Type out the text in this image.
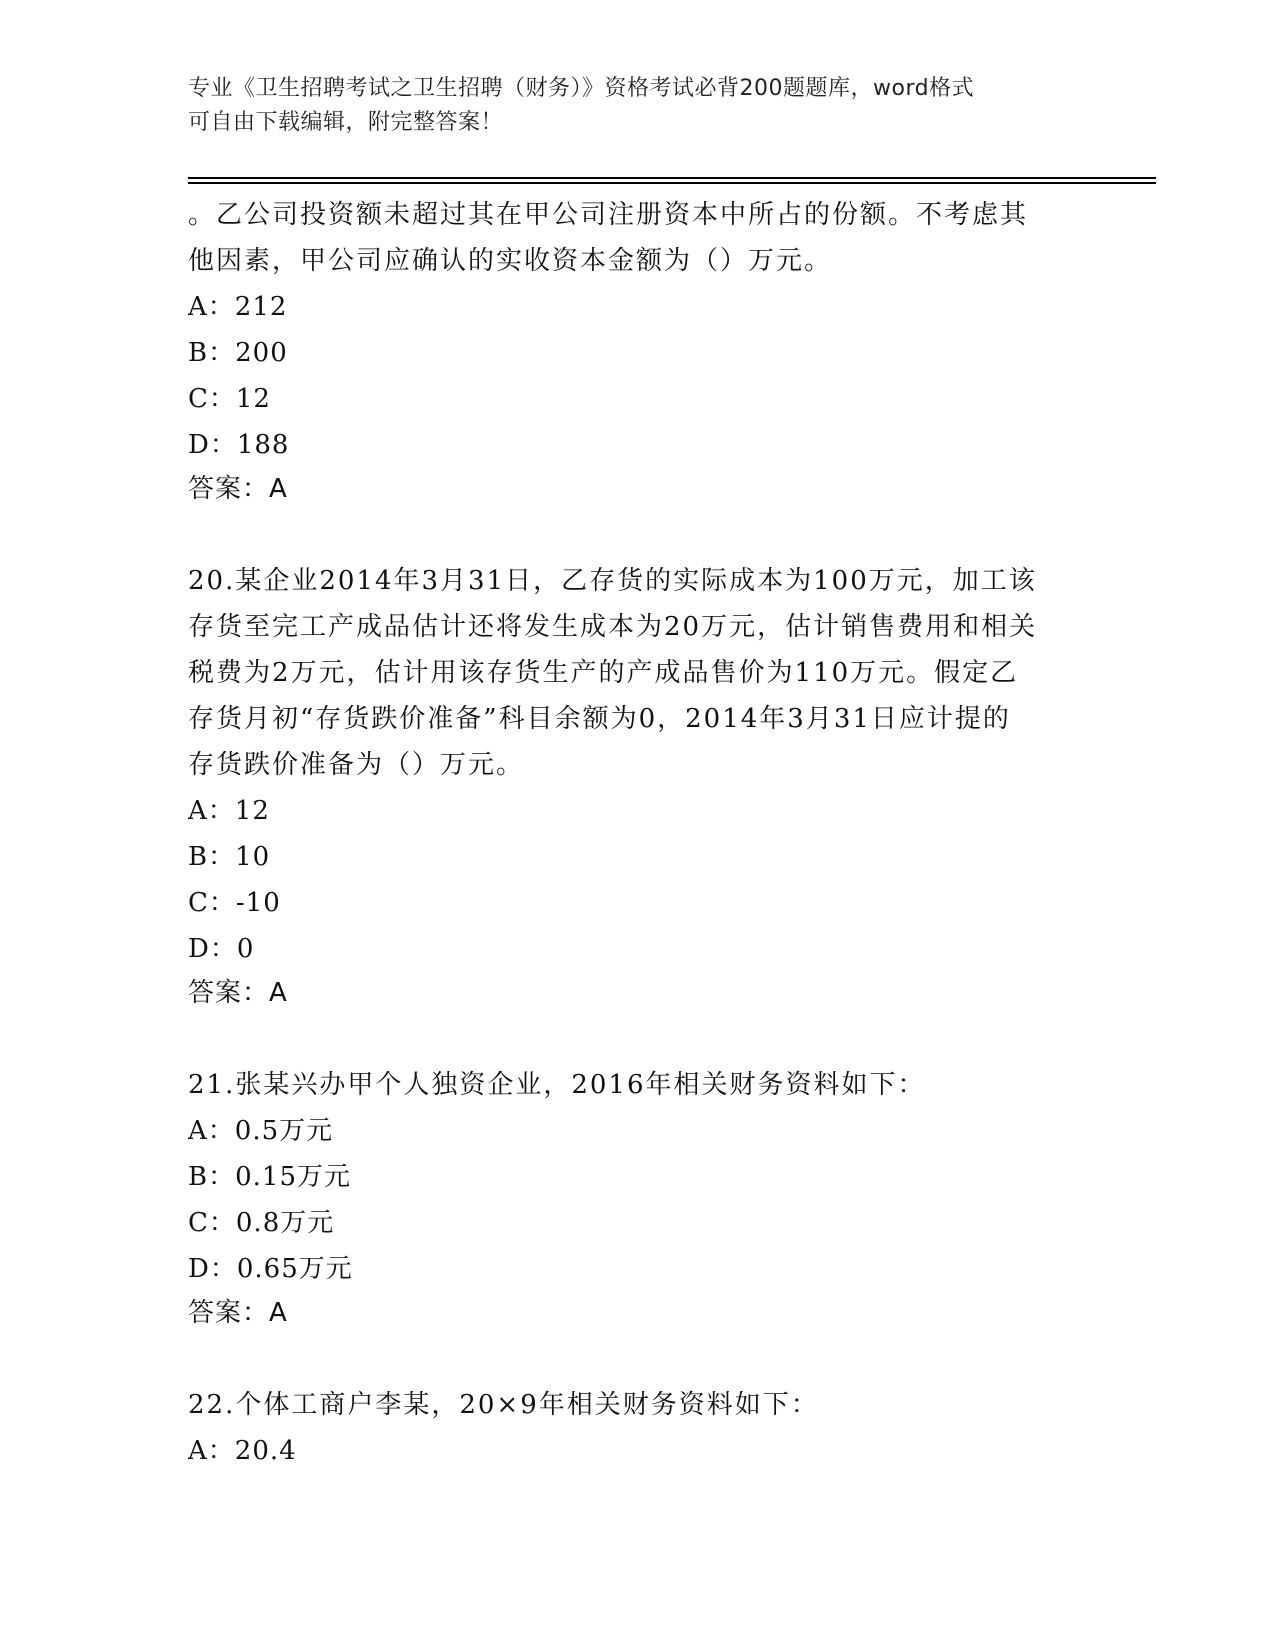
专业《卫生招聘考试之卫生招聘（财务）》资格考试必背200题题库，word格式
可自由下载编辑，附完整答案！

。乙公司投资额未超过其在甲公司注册资本中所占的份额。不考虑其

他因素，甲公司应确认的实收资本金额为（）万元。

A：212

B：200

C：12

D：188

答案：A

20.某企业2014年3月31日，乙存货的实际成本为100万元，加工该

存货至完工产成品估计还将发生成本为20万元，估计销售费用和相关

税费为2万元，估计用该存货生产的产成品售价为110万元。假定乙

存货月初“存货跌价准备”科目余额为0，2014年3月31日应计提的

存货跌价准备为（）万元。

A：12

B：10

C：-10

D：0

答案：A

21.张某兴办甲个人独资企业，2016年相关财务资料如下：

A：0.5万元

B：0.15万元

C：0.8万元

D：0.65万元

答案：A

22.个体工商户李某，20×9年相关财务资料如下：

A：20.4
